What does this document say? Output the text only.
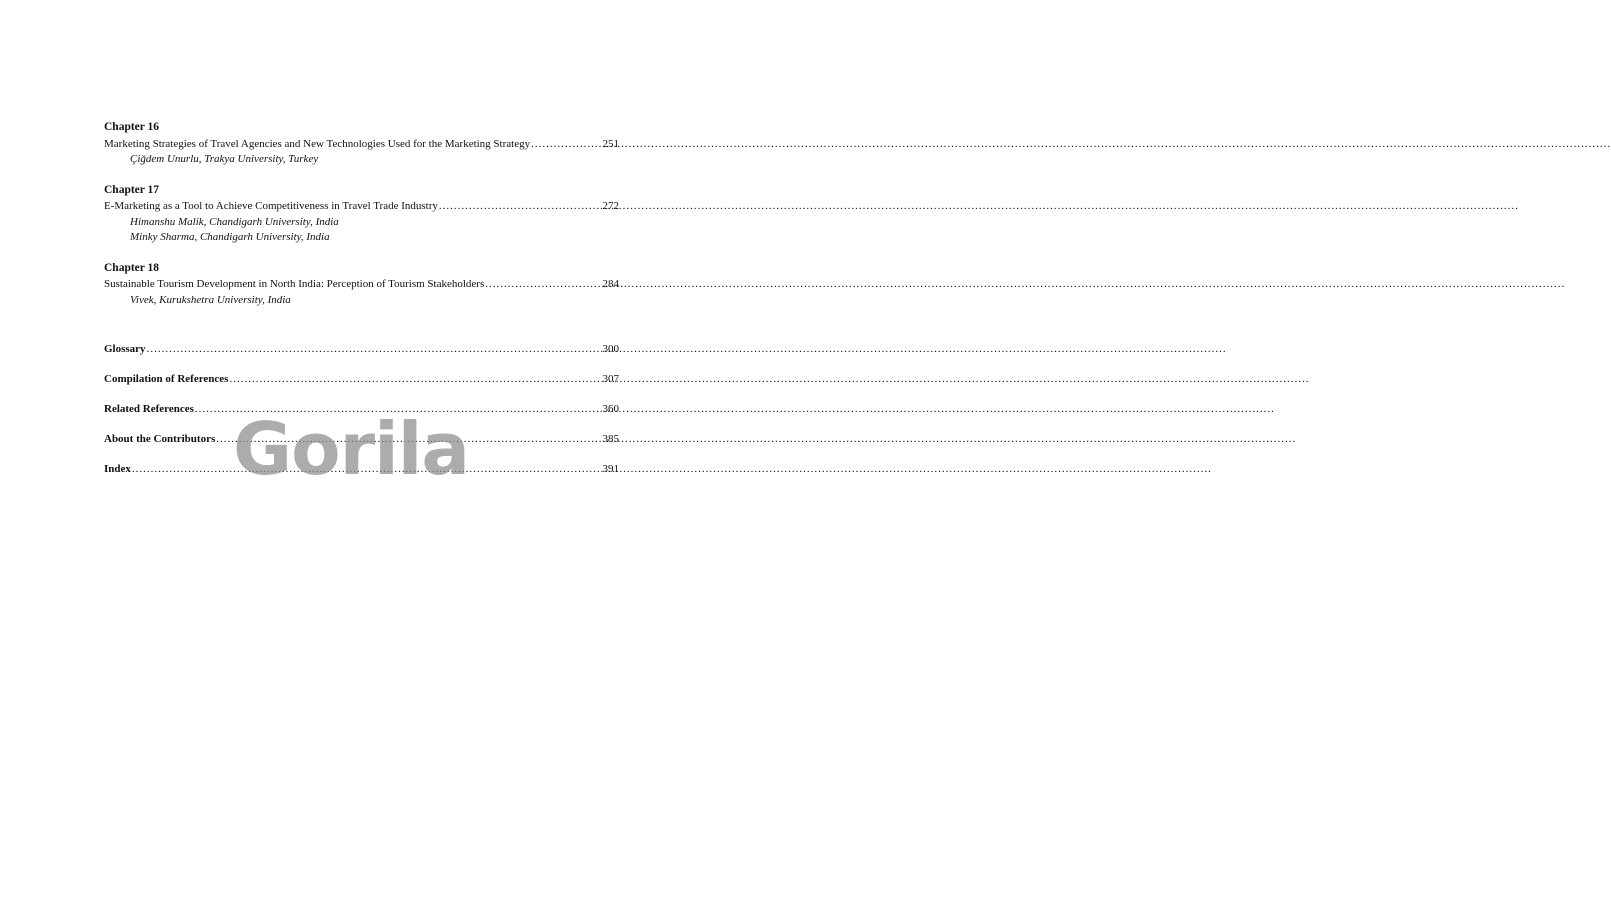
Chapter 16
Marketing Strategies of Travel Agencies and New Technologies Used for the Marketing Strategy .....	251
Çiğdem Unurlu, Trakya University, Turkey
Chapter 17
E-Marketing as a Tool to Achieve Competitiveness in Travel Trade Industry .....	272
Himanshu Malik, Chandigarh University, India
Minky Sharma, Chandigarh University, India
Chapter 18
Sustainable Tourism Development in North India: Perception of Tourism Stakeholders .....	284
Vivek, Kurukshetra University, India
Glossary .....	300
Compilation of References .....	307
Related References .....	360
About the Contributors .....	385
Index .....	391
Gorila
